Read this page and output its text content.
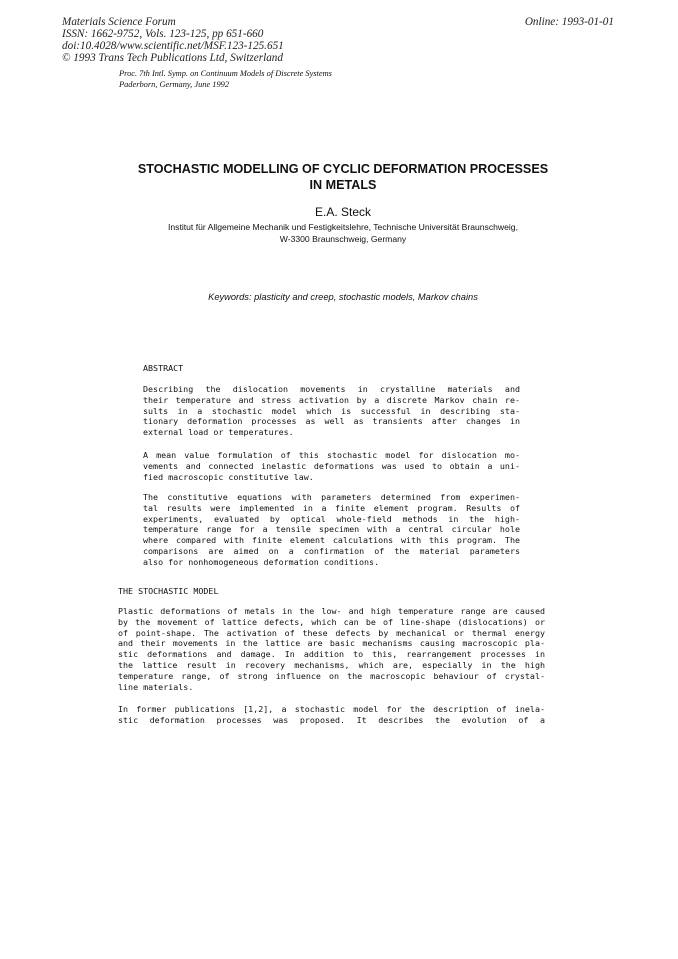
Materials Science Forum
ISSN: 1662-9752, Vols. 123-125, pp 651-660
doi:10.4028/www.scientific.net/MSF.123-125.651
© 1993 Trans Tech Publications Ltd, Switzerland
Online: 1993-01-01
Proc. 7th Intl. Symp. on Continuum Models of Discrete Systems
Paderborn, Germany, June 1992
STOCHASTIC MODELLING OF CYCLIC DEFORMATION PROCESSES
IN METALS
E.A. Steck
Institut für Allgemeine Mechanik und Festigkeitslehre, Technische Universität Braunschweig,
W-3300 Braunschweig, Germany
Keywords: plasticity and creep, stochastic models, Markov chains
ABSTRACT
Describing the dislocation movements in crystalline materials and
their temperature and stress activation by a discrete Markov chain re-
sults in a stochastic model which is successful in describing sta-
tionary deformation processes as well as transients after changes in
external load or temperatures.
A mean value formulation of this stochastic model for dislocation mo-
vements and connected inelastic deformations was used to obtain a uni-
fied macroscopic constitutive law.
The constitutive equations with parameters determined from experimen-
tal results were implemented in a finite element program. Results of
experiments, evaluated by optical whole-field methods in the high-
temperature range for a tensile specimen with a central circular hole
where compared with finite element calculations with this program. The
comparisons are aimed on a confirmation of the material parameters
also for nonhomogeneous deformation conditions.
THE STOCHASTIC MODEL
Plastic deformations of metals in the low- and high temperature range are caused
by the movement of lattice defects, which can be of line-shape (dislocations) or
of point-shape. The activation of these defects by mechanical or thermal energy
and their movements in the lattice are basic mechanisms causing macroscopic pla-
stic deformations and damage. In addition to this, rearrangement processes in
the lattice result in recovery mechanisms, which are, especially in the high
temperature range, of strong influence on the macroscopic behaviour of crystal-
line materials.
In former publications [1,2], a stochastic model for the description of inela-
stic deformation processes was proposed. It describes the evolution of a
